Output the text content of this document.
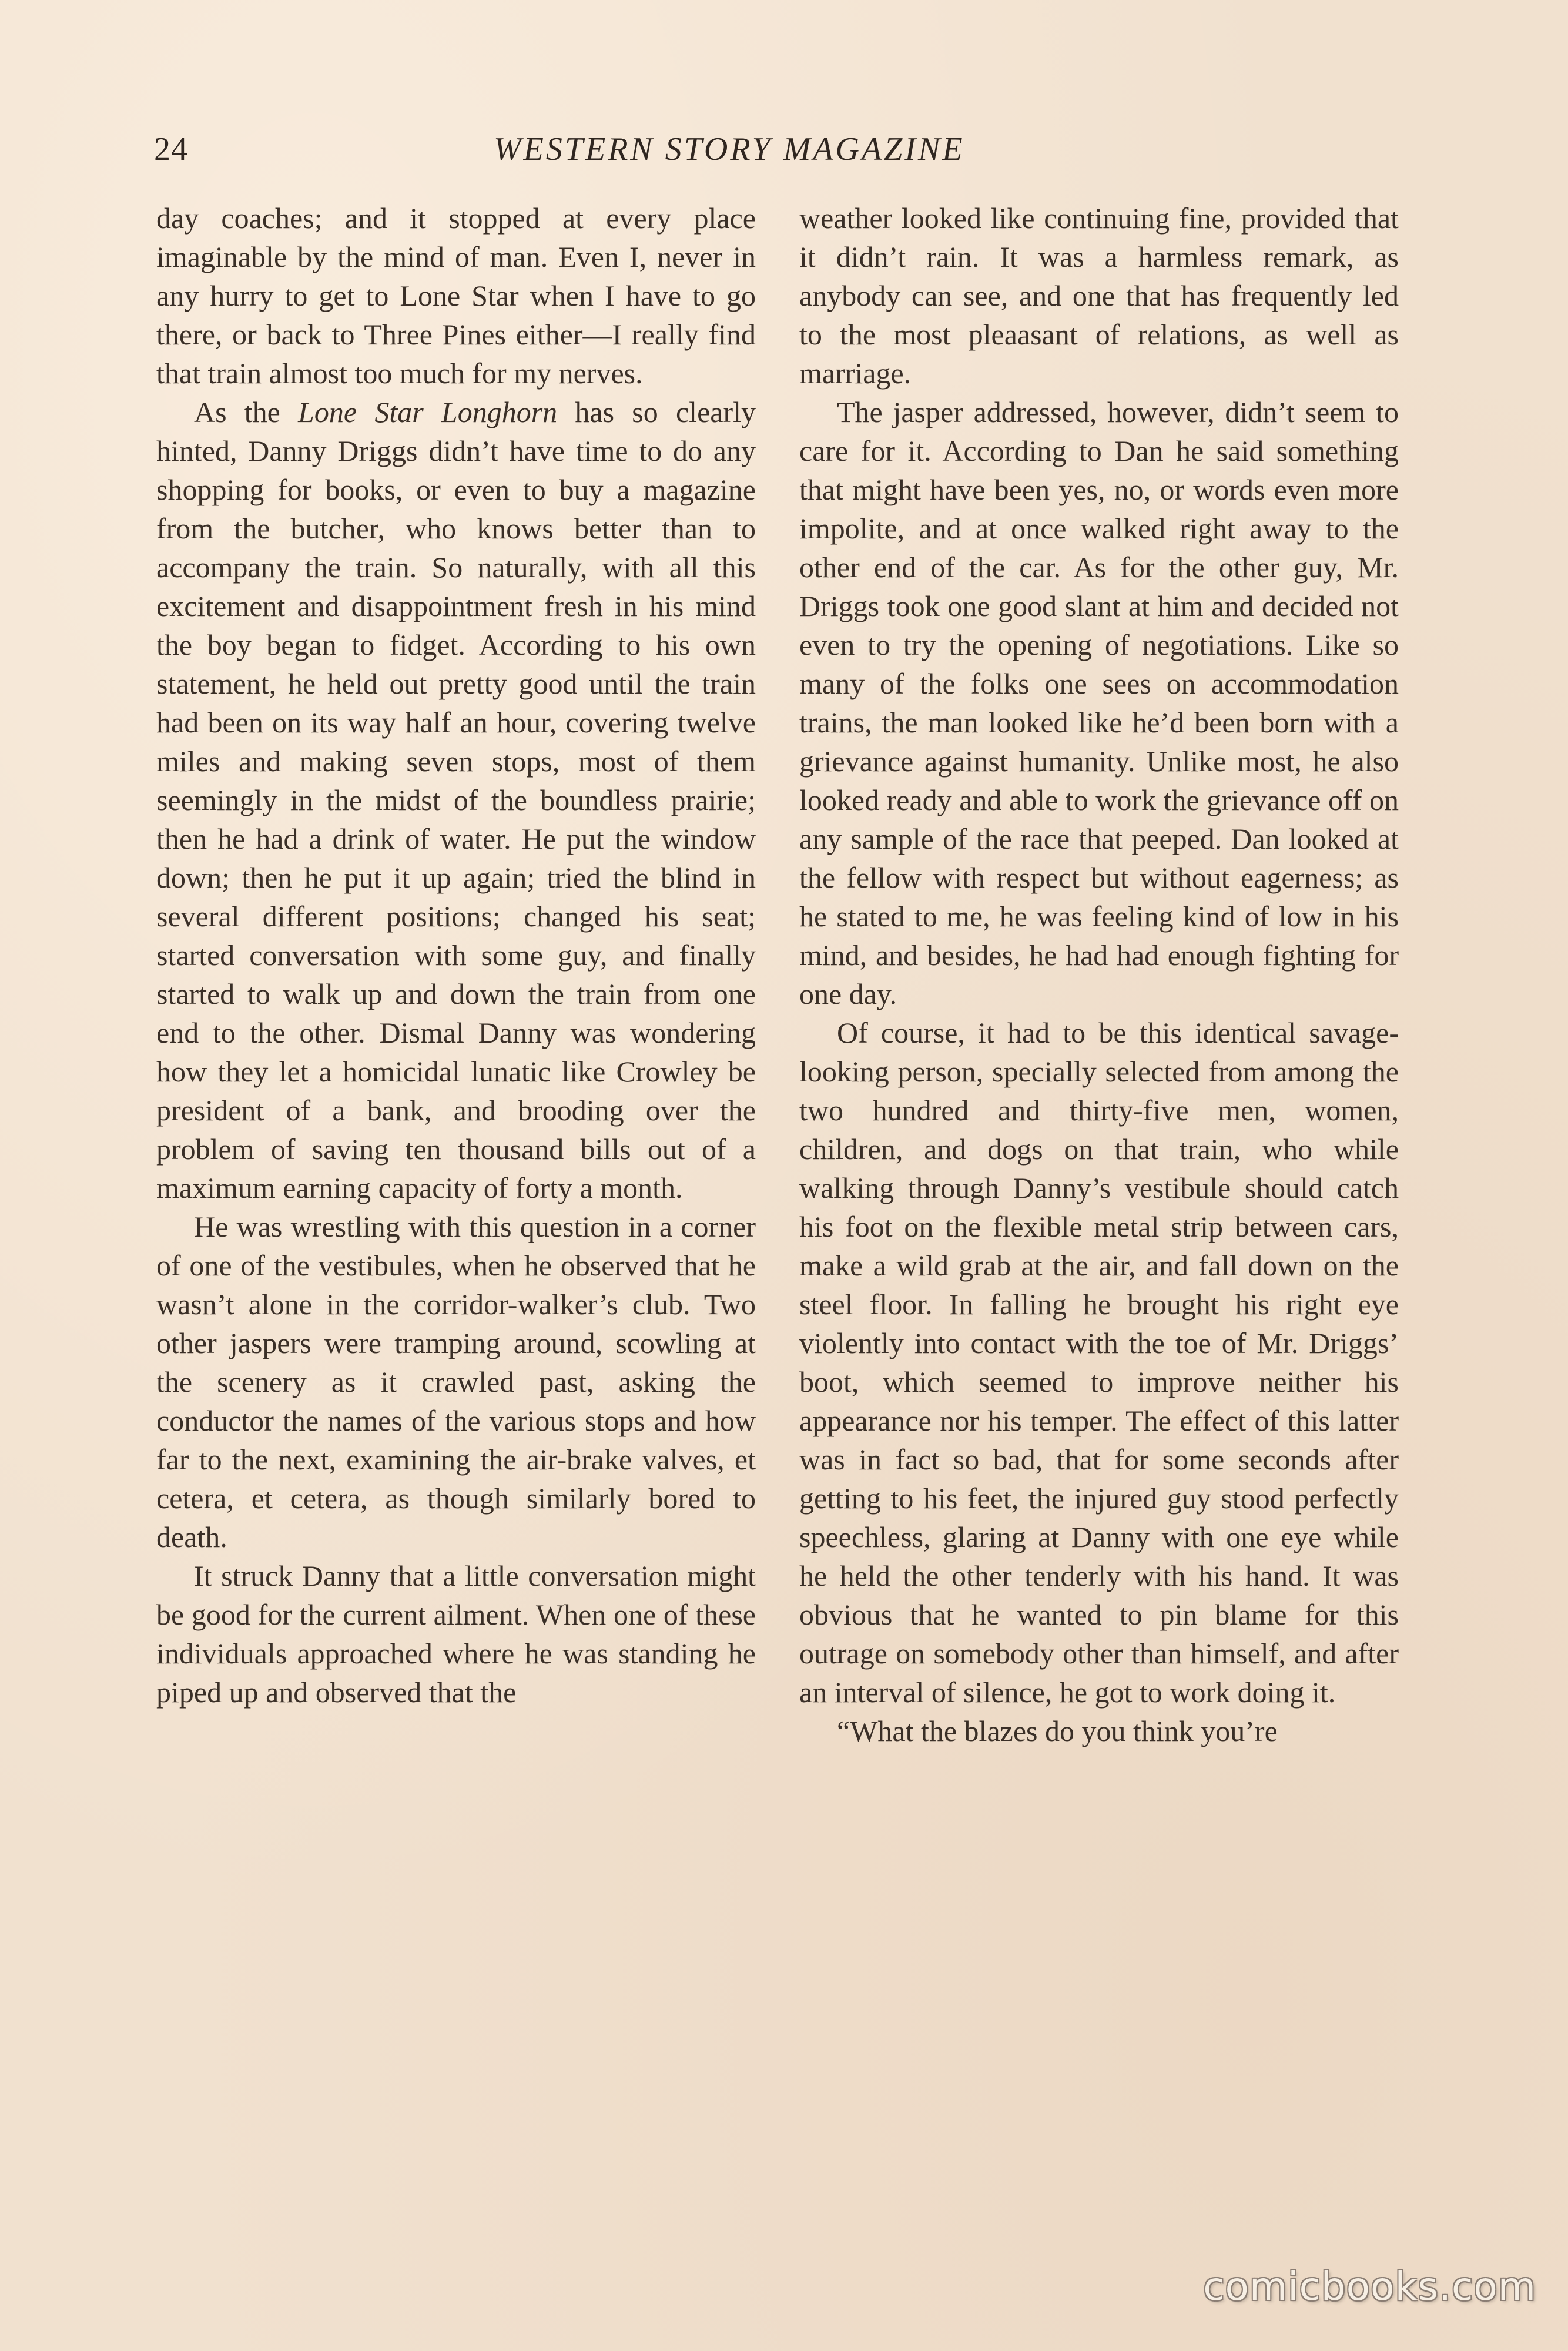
24	WESTERN STORY MAGAZINE

day coaches; and it stopped at every place imaginable by the mind of man. Even I, never in any hurry to get to Lone Star when I have to go there, or back to Three Pines either—I really find that train almost too much for my nerves.

As the Lone Star Longhorn has so clearly hinted, Danny Driggs didn’t have time to do any shopping for books, or even to buy a magazine from the butcher, who knows better than to accompany the train. So naturally, with all this excitement and disappointment fresh in his mind the boy began to fidget. According to his own statement, he held out pretty good until the train had been on its way half an hour, covering twelve miles and making seven stops, most of them seemingly in the midst of the boundless prairie; then he had a drink of water. He put the window down; then he put it up again; tried the blind in several different positions; changed his seat; started conversation with some guy, and finally started to walk up and down the train from one end to the other. Dismal Danny was wondering how they let a homicidal lunatic like Crowley be president of a bank, and brooding over the problem of saving ten thousand bills out of a maximum earning capacity of forty a month.

He was wrestling with this question in a corner of one of the vestibules, when he observed that he wasn’t alone in the corridor-walker’s club. Two other jaspers were tramping around, scowling at the scenery as it crawled past, asking the conductor the names of the various stops and how far to the next, examining the air-brake valves, et cetera, et cetera, as though similarly bored to death.

It struck Danny that a little conversation might be good for the current ailment. When one of these individuals approached where he was standing he piped up and observed that the

weather looked like continuing fine, provided that it didn’t rain. It was a harmless remark, as anybody can see, and one that has frequently led to the most pleaasant of relations, as well as marriage.

The jasper addressed, however, didn’t seem to care for it. According to Dan he said something that might have been yes, no, or words even more impolite, and at once walked right away to the other end of the car. As for the other guy, Mr. Driggs took one good slant at him and decided not even to try the opening of negotiations. Like so many of the folks one sees on accommodation trains, the man looked like he’d been born with a grievance against humanity. Unlike most, he also looked ready and able to work the grievance off on any sample of the race that peeped. Dan looked at the fellow with respect but without eagerness; as he stated to me, he was feeling kind of low in his mind, and besides, he had had enough fighting for one day.

Of course, it had to be this identical savage-looking person, specially selected from among the two hundred and thirty-five men, women, children, and dogs on that train, who while walking through Danny’s vestibule should catch his foot on the flexible metal strip between cars, make a wild grab at the air, and fall down on the steel floor. In falling he brought his right eye violently into contact with the toe of Mr. Driggs’ boot, which seemed to improve neither his appearance nor his temper. The effect of this latter was in fact so bad, that for some seconds after getting to his feet, the injured guy stood perfectly speechless, glaring at Danny with one eye while he held the other tenderly with his hand. It was obvious that he wanted to pin blame for this outrage on somebody other than himself, and after an interval of silence, he got to work doing it.

“What the blazes do you think you’re

comicbooks.com
